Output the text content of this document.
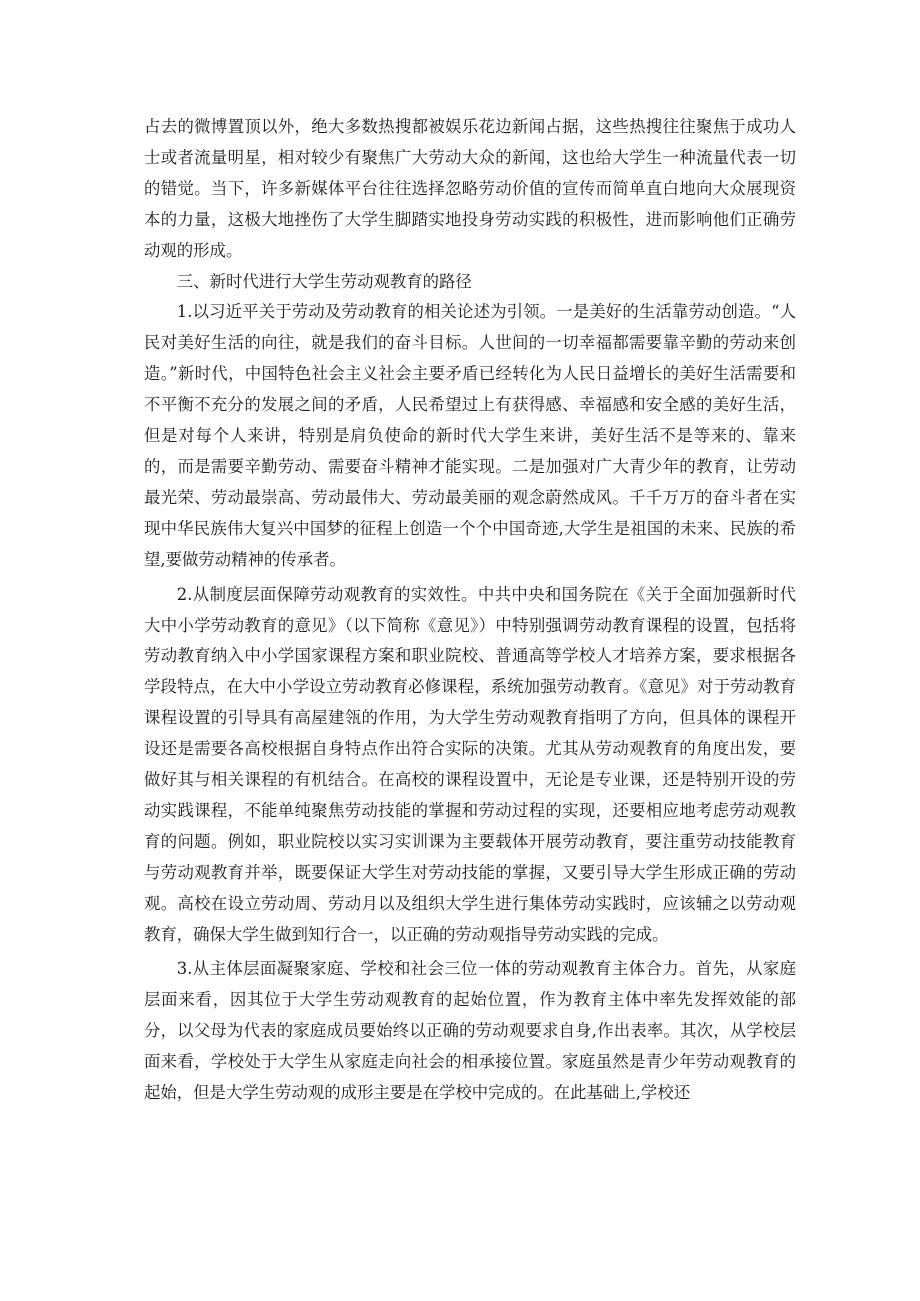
占去的微博置顶以外，绝大多数热搜都被娱乐花边新闻占据，这些热搜往往聚焦于成功人士或者流量明星，相对较少有聚焦广大劳动大众的新闻，这也给大学生一种流量代表一切的错觉。当下，许多新媒体平台往往选择忽略劳动价值的宣传而简单直白地向大众展现资本的力量，这极大地挫伤了大学生脚踏实地投身劳动实践的积极性，进而影响他们正确劳动观的形成。

三、新时代进行大学生劳动观教育的路径

1.以习近平关于劳动及劳动教育的相关论述为引领。一是美好的生活靠劳动创造。“人民对美好生活的向往，就是我们的奋斗目标。人世间的一切幸福都需要靠辛勤的劳动来创造。”新时代，中国特色社会主义社会主要矛盾已经转化为人民日益增长的美好生活需要和不平衡不充分的发展之间的矛盾，人民希望过上有获得感、幸福感和安全感的美好生活，但是对每个人来讲，特别是肩负使命的新时代大学生来讲，美好生活不是等来的、靠来的，而是需要辛勤劳动、需要奋斗精神才能实现。二是加强对广大青少年的教育，让劳动最光荣、劳动最崇高、劳动最伟大、劳动最美丽的观念蔚然成风。千千万万的奋斗者在实现中华民族伟大复兴中国梦的征程上创造一个个中国奇迹,大学生是祖国的未来、民族的希望,要做劳动精神的传承者。

2.从制度层面保障劳动观教育的实效性。中共中央和国务院在《关于全面加强新时代大中小学劳动教育的意见》（以下简称《意见》）中特别强调劳动教育课程的设置，包括将劳动教育纳入中小学国家课程方案和职业院校、普通高等学校人才培养方案，要求根据各学段特点，在大中小学设立劳动教育必修课程，系统加强劳动教育。《意见》对于劳动教育课程设置的引导具有高屋建瓴的作用，为大学生劳动观教育指明了方向，但具体的课程开设还是需要各高校根据自身特点作出符合实际的决策。尤其从劳动观教育的角度出发，要做好其与相关课程的有机结合。在高校的课程设置中，无论是专业课，还是特别开设的劳动实践课程，不能单纯聚焦劳动技能的掌握和劳动过程的实现，还要相应地考虑劳动观教育的问题。例如，职业院校以实习实训课为主要载体开展劳动教育，要注重劳动技能教育与劳动观教育并举，既要保证大学生对劳动技能的掌握，又要引导大学生形成正确的劳动观。高校在设立劳动周、劳动月以及组织大学生进行集体劳动实践时，应该辅之以劳动观教育，确保大学生做到知行合一，以正确的劳动观指导劳动实践的完成。

3.从主体层面凝聚家庭、学校和社会三位一体的劳动观教育主体合力。首先，从家庭层面来看，因其位于大学生劳动观教育的起始位置，作为教育主体中率先发挥效能的部分，以父母为代表的家庭成员要始终以正确的劳动观要求自身,作出表率。其次，从学校层面来看，学校处于大学生从家庭走向社会的相承接位置。家庭虽然是青少年劳动观教育的起始，但是大学生劳动观的成形主要是在学校中完成的。在此基础上,学校还
